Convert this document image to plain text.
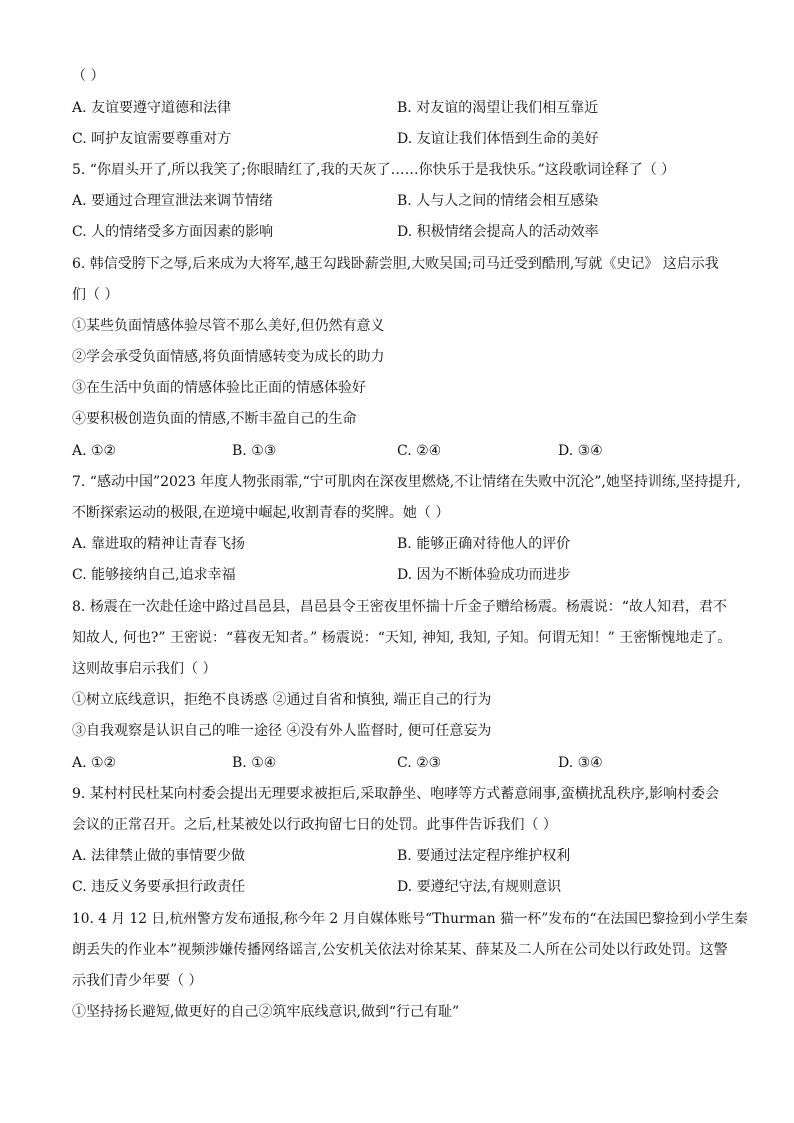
（ ）
A. 友谊要遵守道德和法律	B. 对友谊的渴望让我们相互靠近
C. 呵护友谊需要尊重对方	D. 友谊让我们体悟到生命的美好
5. “你眉头开了,所以我笑了;你眼睛红了,我的天灰了……你快乐于是我快乐。”这段歌词诠释了（ ）
A. 要通过合理宣泄法来调节情绪	B. 人与人之间的情绪会相互感染
C. 人的情绪受多方面因素的影响	D. 积极情绪会提高人的活动效率
6. 韩信受胯下之辱,后来成为大将军,越王勾践卧薪尝胆,大败吴国;司马迁受到酷刑,写就《史记》 这启示我
们（ ）
①某些负面情感体验尽管不那么美好,但仍然有意义
②学会承受负面情感,将负面情感转变为成长的助力
③在生活中负面的情感体验比正面的情感体验好
④要积极创造负面的情感,不断丰盈自己的生命
A. ①②	B. ①③	C. ②④	D. ③④
7. “感动中国”2023 年度人物张雨霏,“宁可肌肉在深夜里燃烧,不让情绪在失败中沉沦”,她坚持训练,坚持提升,
不断探索运动的极限,在逆境中崛起,收割青春的奖牌。她（ ）
A. 靠进取的精神让青春飞扬	B. 能够正确对待他人的评价
C. 能够接纳自己,追求幸福	D. 因为不断体验成功而进步
8. 杨震在一次赴任途中路过昌邑县，昌邑县令王密夜里怀揣十斤金子赠给杨震。杨震说：“故人知君，君不
知故人, 何也?” 王密说：“暮夜无知者。” 杨震说：“天知, 神知, 我知, 子知。何谓无知！” 王密惭愧地走了。
这则故事启示我们（ ）
①树立底线意识，拒绝不良诱惑 ②通过自省和慎独, 端正自己的行为
③自我观察是认识自己的唯一途径 ④没有外人监督时, 便可任意妄为
A. ①②	B. ①④	C. ②③	D. ③④
9. 某村村民杜某向村委会提出无理要求被拒后,采取静坐、咆哮等方式蓄意闹事,蛮横扰乱秩序,影响村委会
会议的正常召开。之后,杜某被处以行政拘留七日的处罚。此事件告诉我们（ ）
A. 法律禁止做的事情要少做	B. 要通过法定程序维护权利
C. 违反义务要承担行政责任	D. 要遵纪守法,有规则意识
10. 4 月 12 日,杭州警方发布通报,称今年 2 月自媒体账号“Thurman 猫一杯”发布的“在法国巴黎捡到小学生秦
朗丢失的作业本”视频涉嫌传播网络谣言,公安机关依法对徐某某、薛某及二人所在公司处以行政处罚。这警
示我们青少年要（ ）
①坚持扬长避短,做更好的自己②筑牢底线意识,做到“行己有耻”
